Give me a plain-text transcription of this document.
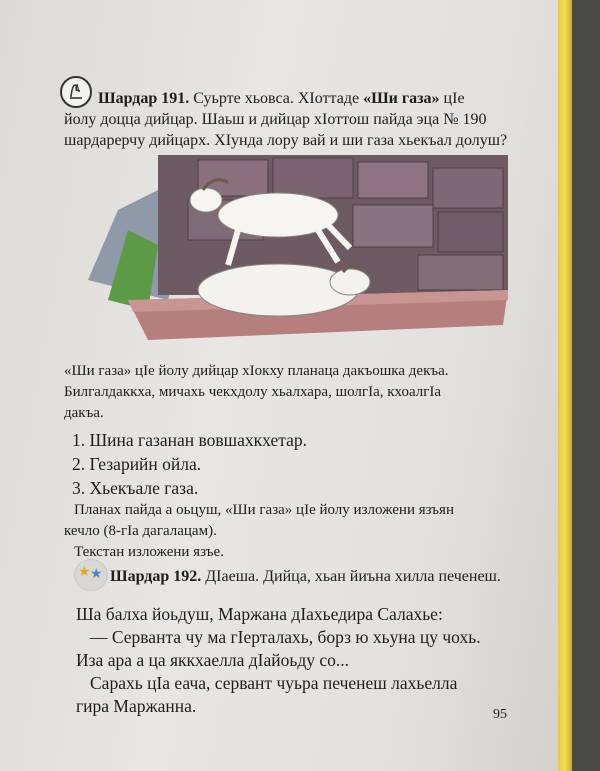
Шардар 191. Суьрте хьовса. ХIоттаде «Ши газа» цIе
йолу доцца дийцар. Шаьш и дийцар хIоттош пайда эца № 190
шардарерчу дийцарх. ХIунда лору вай и ши газа хьекъал долуш?
«Ши газа» цIе йолу дийцар хIокху планаца дакъошка декъа.
Билгалдаккха, мичахь чекхдолу хьалхара, шолгIа, кхоалгIа
дакъа.
1. Шина газанан вовшахкхетар.
2. Гезарийн ойла.
3. Хьекъале газа.
Планах пайда а оьцуш, «Ши газа» цIе йолу изложени язъян
кечло (8-гIа дагалацам).
Текстан изложени язъе.
★ ★ Шардар 192. ДIаеша. Дийца, хьан йиъна хилла печенеш.
Ша балха йоьдуш, Маржана дIахьедира Салахье:
— Серванта чу ма гIерталахь, борз ю хьуна цу чохь.
Иза ара а ца яккхаелла дIайоьду со...
Сарахь цIа еача, сервант чуьра печенеш лахьелла
гира Маржанна.	95
